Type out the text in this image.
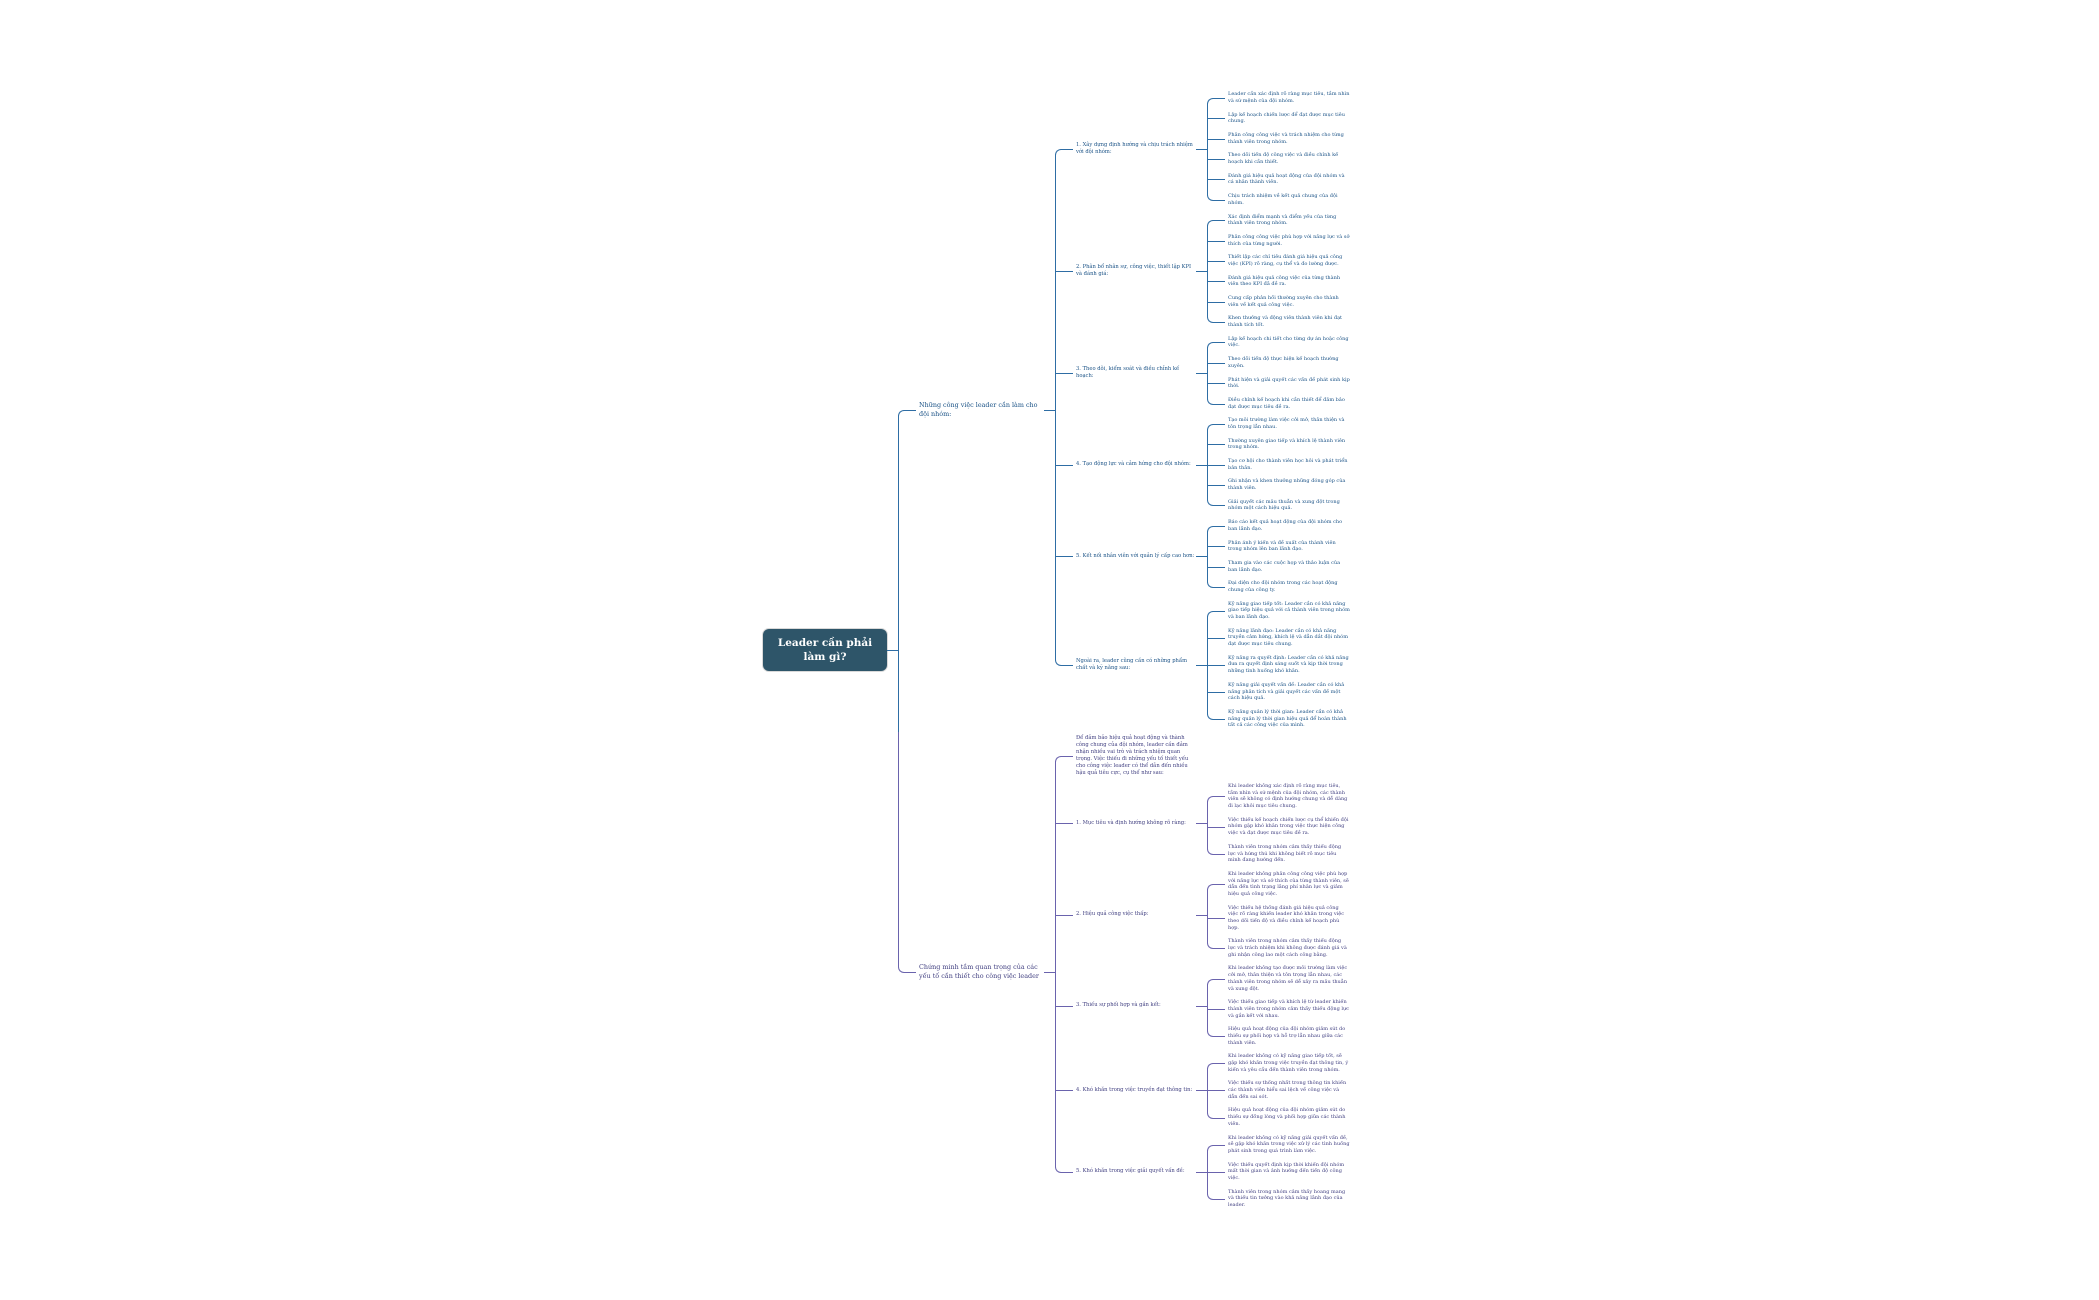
Leader cần phải làm gì?
Những công việc leader cần làm cho đội nhóm:
1. Xây dựng định hướng và chịu trách nhiệm với đội nhóm:
Leader cần xác định rõ ràng mục tiêu, tầm nhìn và sứ mệnh của đội nhóm.
Lập kế hoạch chiến lược để đạt được mục tiêu chung.
Phân công công việc và trách nhiệm cho từng thành viên trong nhóm.
Theo dõi tiến độ công việc và điều chỉnh kế hoạch khi cần thiết.
Đánh giá hiệu quả hoạt động của đội nhóm và cá nhân thành viên.
Chịu trách nhiệm về kết quả chung của đội nhóm.
2. Phân bổ nhân sự, công việc, thiết lập KPI và đánh giá:
Xác định điểm mạnh và điểm yếu của từng thành viên trong nhóm.
Phân công công việc phù hợp với năng lực và sở thích của từng người.
Thiết lập các chỉ tiêu đánh giá hiệu quả công việc (KPI) rõ ràng, cụ thể và đo lường được.
Đánh giá hiệu quả công việc của từng thành viên theo KPI đã đề ra.
Cung cấp phản hồi thường xuyên cho thành viên về kết quả công việc.
Khen thưởng và động viên thành viên khi đạt thành tích tốt.
3. Theo dõi, kiểm soát và điều chỉnh kế hoạch:
Lập kế hoạch chi tiết cho từng dự án hoặc công việc.
Theo dõi tiến độ thực hiện kế hoạch thường xuyên.
Phát hiện và giải quyết các vấn đề phát sinh kịp thời.
Điều chỉnh kế hoạch khi cần thiết để đảm bảo đạt được mục tiêu đề ra.
4. Tạo động lực và cảm hứng cho đội nhóm:
Tạo môi trường làm việc cởi mở, thân thiện và tôn trọng lẫn nhau.
Thường xuyên giao tiếp và khích lệ thành viên trong nhóm.
Tạo cơ hội cho thành viên học hỏi và phát triển bản thân.
Ghi nhận và khen thưởng những đóng góp của thành viên.
Giải quyết các mâu thuẫn và xung đột trong nhóm một cách hiệu quả.
5. Kết nối nhân viên với quản lý cấp cao hơn:
Báo cáo kết quả hoạt động của đội nhóm cho ban lãnh đạo.
Phản ánh ý kiến và đề xuất của thành viên trong nhóm lên ban lãnh đạo.
Tham gia vào các cuộc họp và thảo luận của ban lãnh đạo.
Đại diện cho đội nhóm trong các hoạt động chung của công ty.
Ngoài ra, leader cũng cần có những phẩm chất và kỹ năng sau:
Kỹ năng giao tiếp tốt: Leader cần có khả năng giao tiếp hiệu quả với cả thành viên trong nhóm và ban lãnh đạo.
Kỹ năng lãnh đạo: Leader cần có khả năng truyền cảm hứng, khích lệ và dẫn dắt đội nhóm đạt được mục tiêu chung.
Kỹ năng ra quyết định: Leader cần có khả năng đưa ra quyết định sáng suốt và kịp thời trong những tình huống khó khăn.
Kỹ năng giải quyết vấn đề: Leader cần có khả năng phân tích và giải quyết các vấn đề một cách hiệu quả.
Kỹ năng quản lý thời gian: Leader cần có khả năng quản lý thời gian hiệu quả để hoàn thành tất cả các công việc của mình.
Chứng minh tầm quan trọng của các yếu tố cần thiết cho công việc leader
Để đảm bảo hiệu quả hoạt động và thành công chung của đội nhóm, leader cần đảm nhận nhiều vai trò và trách nhiệm quan trọng. Việc thiếu đi những yếu tố thiết yếu cho công việc leader có thể dẫn đến nhiều hậu quả tiêu cực, cụ thể như sau:
1. Mục tiêu và định hướng không rõ ràng:
Khi leader không xác định rõ ràng mục tiêu, tầm nhìn và sứ mệnh của đội nhóm, các thành viên sẽ không có định hướng chung và dễ dàng đi lạc khỏi mục tiêu chung.
Việc thiếu kế hoạch chiến lược cụ thể khiến đội nhóm gặp khó khăn trong việc thực hiện công việc và đạt được mục tiêu đề ra.
Thành viên trong nhóm cảm thấy thiếu động lực và hứng thú khi không biết rõ mục tiêu mình đang hướng đến.
2. Hiệu quả công việc thấp:
Khi leader không phân công công việc phù hợp với năng lực và sở thích của từng thành viên, sẽ dẫn đến tình trạng lãng phí nhân lực và giảm hiệu quả công việc.
Việc thiếu hệ thống đánh giá hiệu quả công việc rõ ràng khiến leader khó khăn trong việc theo dõi tiến độ và điều chỉnh kế hoạch phù hợp.
Thành viên trong nhóm cảm thấy thiếu động lực và trách nhiệm khi không được đánh giá và ghi nhận công lao một cách công bằng.
3. Thiếu sự phối hợp và gắn kết:
Khi leader không tạo được môi trường làm việc cởi mở, thân thiện và tôn trọng lẫn nhau, các thành viên trong nhóm sẽ dễ xảy ra mâu thuẫn và xung đột.
Việc thiếu giao tiếp và khích lệ từ leader khiến thành viên trong nhóm cảm thấy thiếu động lực và gắn kết với nhau.
Hiệu quả hoạt động của đội nhóm giảm sút do thiếu sự phối hợp và hỗ trợ lẫn nhau giữa các thành viên.
4. Khó khăn trong việc truyền đạt thông tin:
Khi leader không có kỹ năng giao tiếp tốt, sẽ gặp khó khăn trong việc truyền đạt thông tin, ý kiến và yêu cầu đến thành viên trong nhóm.
Việc thiếu sự thống nhất trong thông tin khiến các thành viên hiểu sai lệch về công việc và dẫn đến sai sót.
Hiệu quả hoạt động của đội nhóm giảm sút do thiếu sự đồng lòng và phối hợp giữa các thành viên.
5. Khó khăn trong việc giải quyết vấn đề:
Khi leader không có kỹ năng giải quyết vấn đề, sẽ gặp khó khăn trong việc xử lý các tình huống phát sinh trong quá trình làm việc.
Việc thiếu quyết định kịp thời khiến đội nhóm mất thời gian và ảnh hưởng đến tiến độ công việc.
Thành viên trong nhóm cảm thấy hoang mang và thiếu tin tưởng vào khả năng lãnh đạo của leader.
